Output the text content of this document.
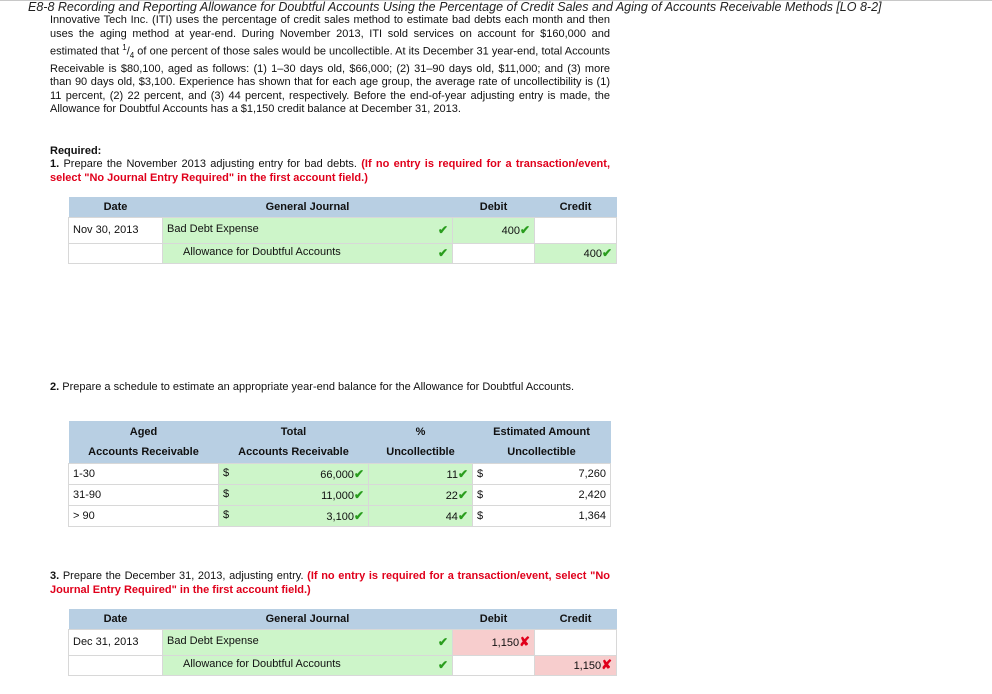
E8-8 Recording and Reporting Allowance for Doubtful Accounts Using the Percentage of Credit Sales and Aging of Accounts Receivable Methods [LO 8-2]
Innovative Tech Inc. (ITI) uses the percentage of credit sales method to estimate bad debts each month and then uses the aging method at year-end. During November 2013, ITI sold services on account for $160,000 and estimated that $^1/_4$ of one percent of those sales would be uncollectible. At its December 31 year-end, total Accounts Receivable is $80,100, aged as follows: (1) 1–30 days old, $66,000; (2) 31–90 days old, $11,000; and (3) more than 90 days old, $3,100. Experience has shown that for each age group, the average rate of uncollectibility is (1) 11 percent, (2) 22 percent, and (3) 44 percent, respectively. Before the end-of-year adjusting entry is made, the Allowance for Doubtful Accounts has a $1,150 credit balance at December 31, 2013.
Required:
1. Prepare the November 2013 adjusting entry for bad debts. (If no entry is required for a transaction/event, select "No Journal Entry Required" in the first account field.)
Date	General Journal	Debit	Credit
Nov 30, 2013	Bad Debt Expense ✔	400✔	

	Allowance for Doubtful Accounts ✔		400✔
2. Prepare a schedule to estimate an appropriate year-end balance for the Allowance for Doubtful Accounts.
Aged	Total	%	Estimated Amount
Accounts Receivable	Accounts Receivable	Uncollectible	Uncollectible
1-30	$ 66,000✔	11✔	$ 7,260

31-90	$ 11,000✔	22✔	$ 2,420

> 90	$ 3,100✔	44✔	$ 1,364
3. Prepare the December 31, 2013, adjusting entry. (If no entry is required for a transaction/event, select "No Journal Entry Required" in the first account field.)
Date	General Journal	Debit	Credit
Dec 31, 2013	Bad Debt Expense ✔	1,150✘	

	Allowance for Doubtful Accounts ✔		1,150✘
